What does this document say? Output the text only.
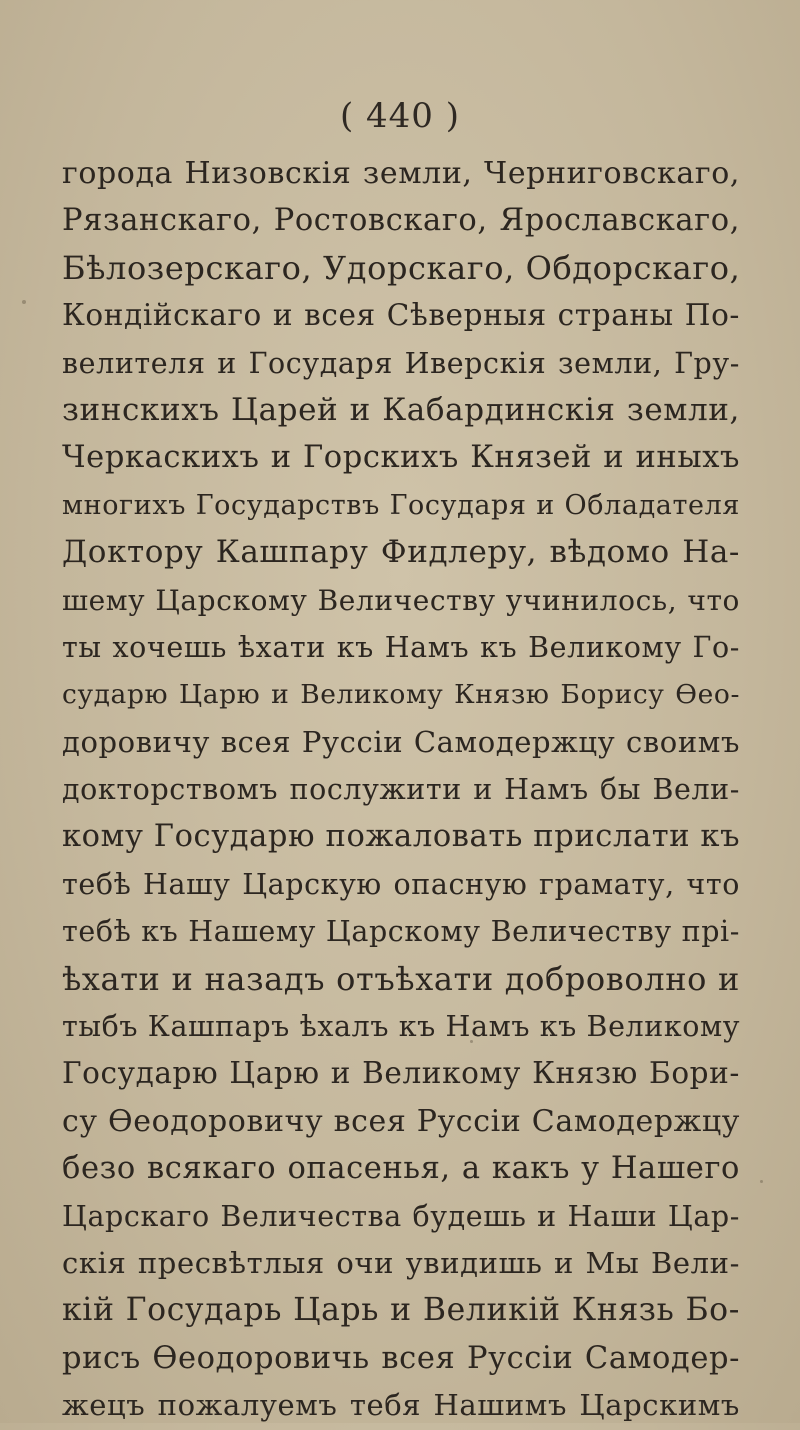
( 440 )
города Низовскія земли, Черниговскаго,
Рязанскаго, Ростовскаго, Ярославскаго,
Бѣлозерскаго, Удорскаго, Обдорскаго,
Кондійскаго и всея Сѣверныя страны По-
велителя и Государя Иверскія земли, Гру-
зинскихъ Царей и Кабардинскія земли,
Черкаскихъ и Горскихъ Князей и иныхъ
многихъ Государствъ Государя и Обладателя
Доктору Кашпару Фидлеру, вѣдомо На-
шему Царскому Величеству учинилось, что
ты хочешь ѣхати къ Намъ къ Великому Го-
сударю Царю и Великому Князю Борису Ѳео-
доровичу всея Руссіи Самодержцу своимъ
докторствомъ послужити и Намъ бы Вели-
кому Государю пожаловать прислати къ
тебѣ Нашу Царскую опасную грамату, что
тебѣ къ Нашему Царскому Величеству прі-
ѣхати и назадъ отъѣхати доброволно и
тыбъ Кашпаръ ѣхалъ къ Намъ къ Великому
Государю Царю и Великому Князю Бори-
су Ѳеодоровичу всея Руссіи Самодержцу
безо всякаго опасенья, а какъ у Нашего
Царскаго Величества будешь и Наши Цар-
скія пресвѣтлыя очи увидишь и Мы Вели-
кій Государь Царь и Великій Князь Бо-
рисъ Ѳеодоровичь всея Руссіи Самодер-
жецъ пожалуемъ тебя Нашимъ Царскимъ
